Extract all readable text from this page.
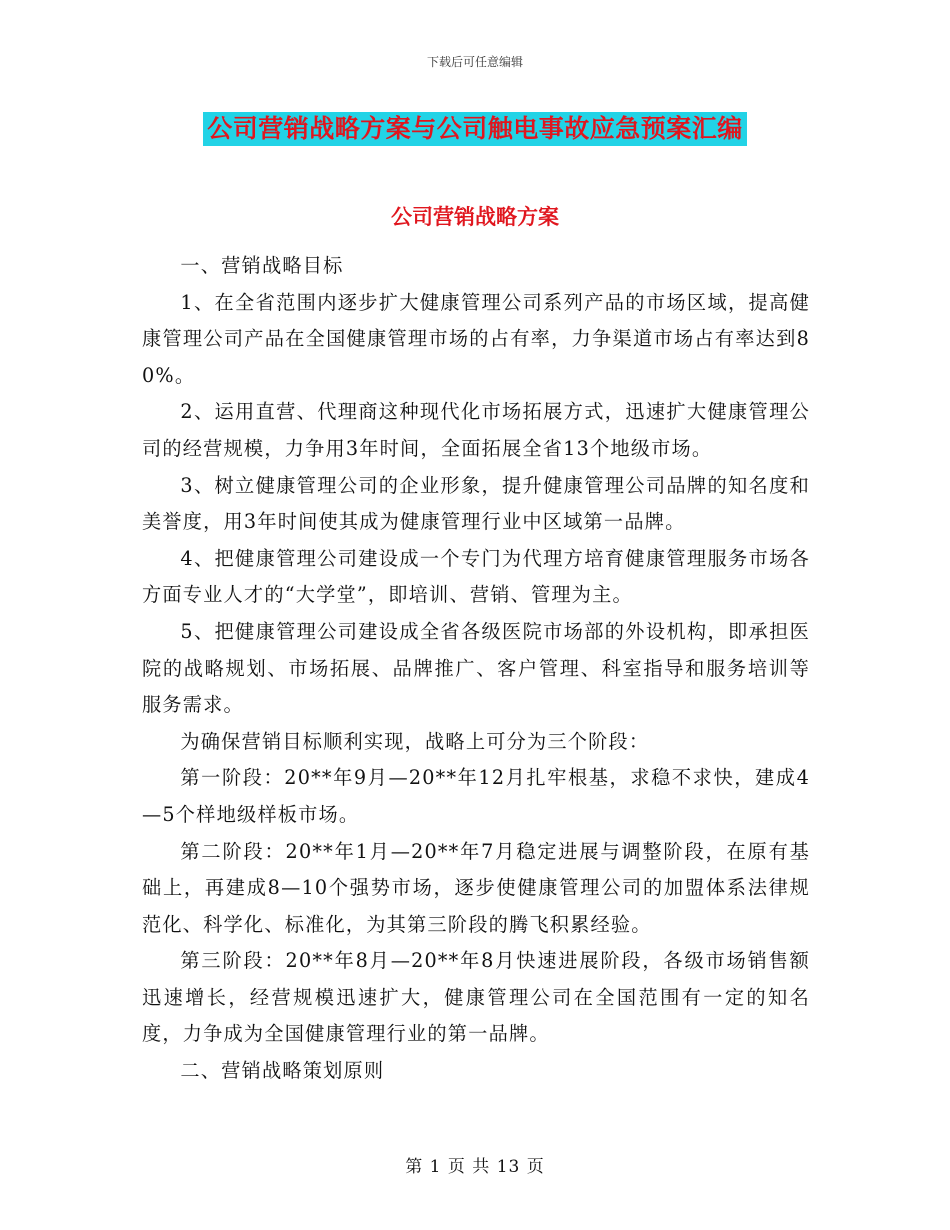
下载后可任意编辑
公司营销战略方案与公司触电事故应急预案汇编
公司营销战略方案

一、营销战略目标

1、在全省范围内逐步扩大健康管理公司系列产品的市场区域，提高健康管理公司产品在全国健康管理市场的占有率，力争渠道市场占有率达到80%。

2、运用直营、代理商这种现代化市场拓展方式，迅速扩大健康管理公司的经营规模，力争用3年时间，全面拓展全省13个地级市场。

3、树立健康管理公司的企业形象，提升健康管理公司品牌的知名度和美誉度，用3年时间使其成为健康管理行业中区域第一品牌。

4、把健康管理公司建设成一个专门为代理方培育健康管理服务市场各方面专业人才的“大学堂”，即培训、营销、管理为主。

5、把健康管理公司建设成全省各级医院市场部的外设机构，即承担医院的战略规划、市场拓展、品牌推广、客户管理、科室指导和服务培训等服务需求。

为确保营销目标顺利实现，战略上可分为三个阶段：

第一阶段：20**年9月—20**年12月扎牢根基，求稳不求快，建成4—5个样地级样板市场。

第二阶段：20**年1月—20**年7月稳定进展与调整阶段，在原有基础上，再建成8—10个强势市场，逐步使健康管理公司的加盟体系法律规范化、科学化、标准化，为其第三阶段的腾飞积累经验。

第三阶段：20**年8月—20**年8月快速进展阶段，各级市场销售额迅速增长，经营规模迅速扩大，健康管理公司在全国范围有一定的知名度，力争成为全国健康管理行业的第一品牌。

二、营销战略策划原则

第 1 页 共 13 页
